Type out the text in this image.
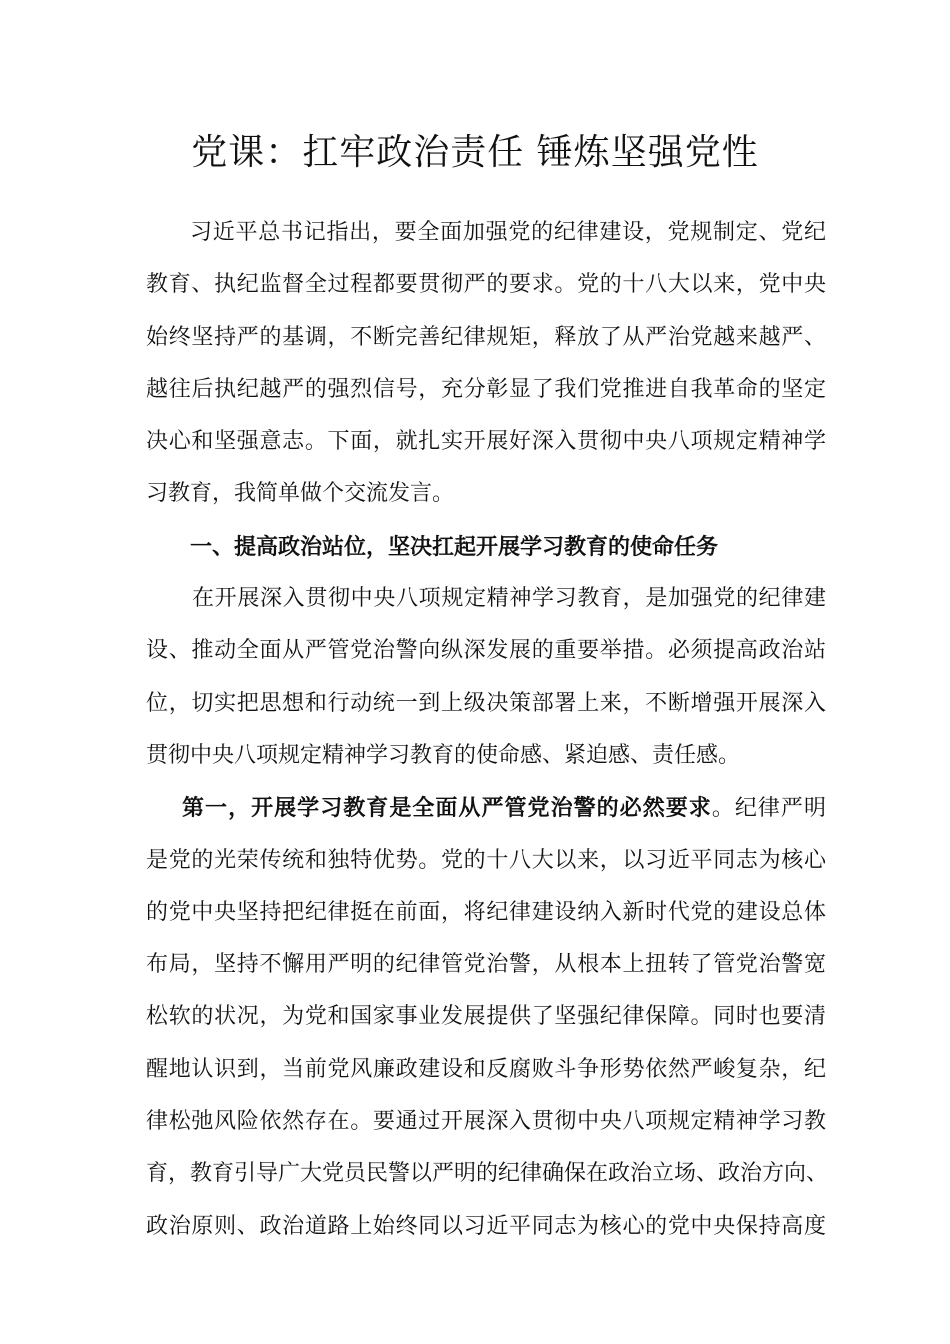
党课：扛牢政治责任 锤炼坚强党性
习近平总书记指出，要全面加强党的纪律建设，党规制定、党纪
教育、执纪监督全过程都要贯彻严的要求。党的十八大以来，党中央
始终坚持严的基调，不断完善纪律规矩，释放了从严治党越来越严、
越往后执纪越严的强烈信号，充分彰显了我们党推进自我革命的坚定
决心和坚强意志。下面，就扎实开展好深入贯彻中央八项规定精神学
习教育，我简单做个交流发言。
一、提高政治站位，坚决扛起开展学习教育的使命任务
在开展深入贯彻中央八项规定精神学习教育，是加强党的纪律建
设、推动全面从严管党治警向纵深发展的重要举措。必须提高政治站
位，切实把思想和行动统一到上级决策部署上来，不断增强开展深入
贯彻中央八项规定精神学习教育的使命感、紧迫感、责任感。
第一，开展学习教育是全面从严管党治警的必然要求。纪律严明
是党的光荣传统和独特优势。党的十八大以来，以习近平同志为核心
的党中央坚持把纪律挺在前面，将纪律建设纳入新时代党的建设总体
布局，坚持不懈用严明的纪律管党治警，从根本上扭转了管党治警宽
松软的状况，为党和国家事业发展提供了坚强纪律保障。同时也要清
醒地认识到，当前党风廉政建设和反腐败斗争形势依然严峻复杂，纪
律松弛风险依然存在。要通过开展深入贯彻中央八项规定精神学习教
育，教育引导广大党员民警以严明的纪律确保在政治立场、政治方向、
政治原则、政治道路上始终同以习近平同志为核心的党中央保持高度
